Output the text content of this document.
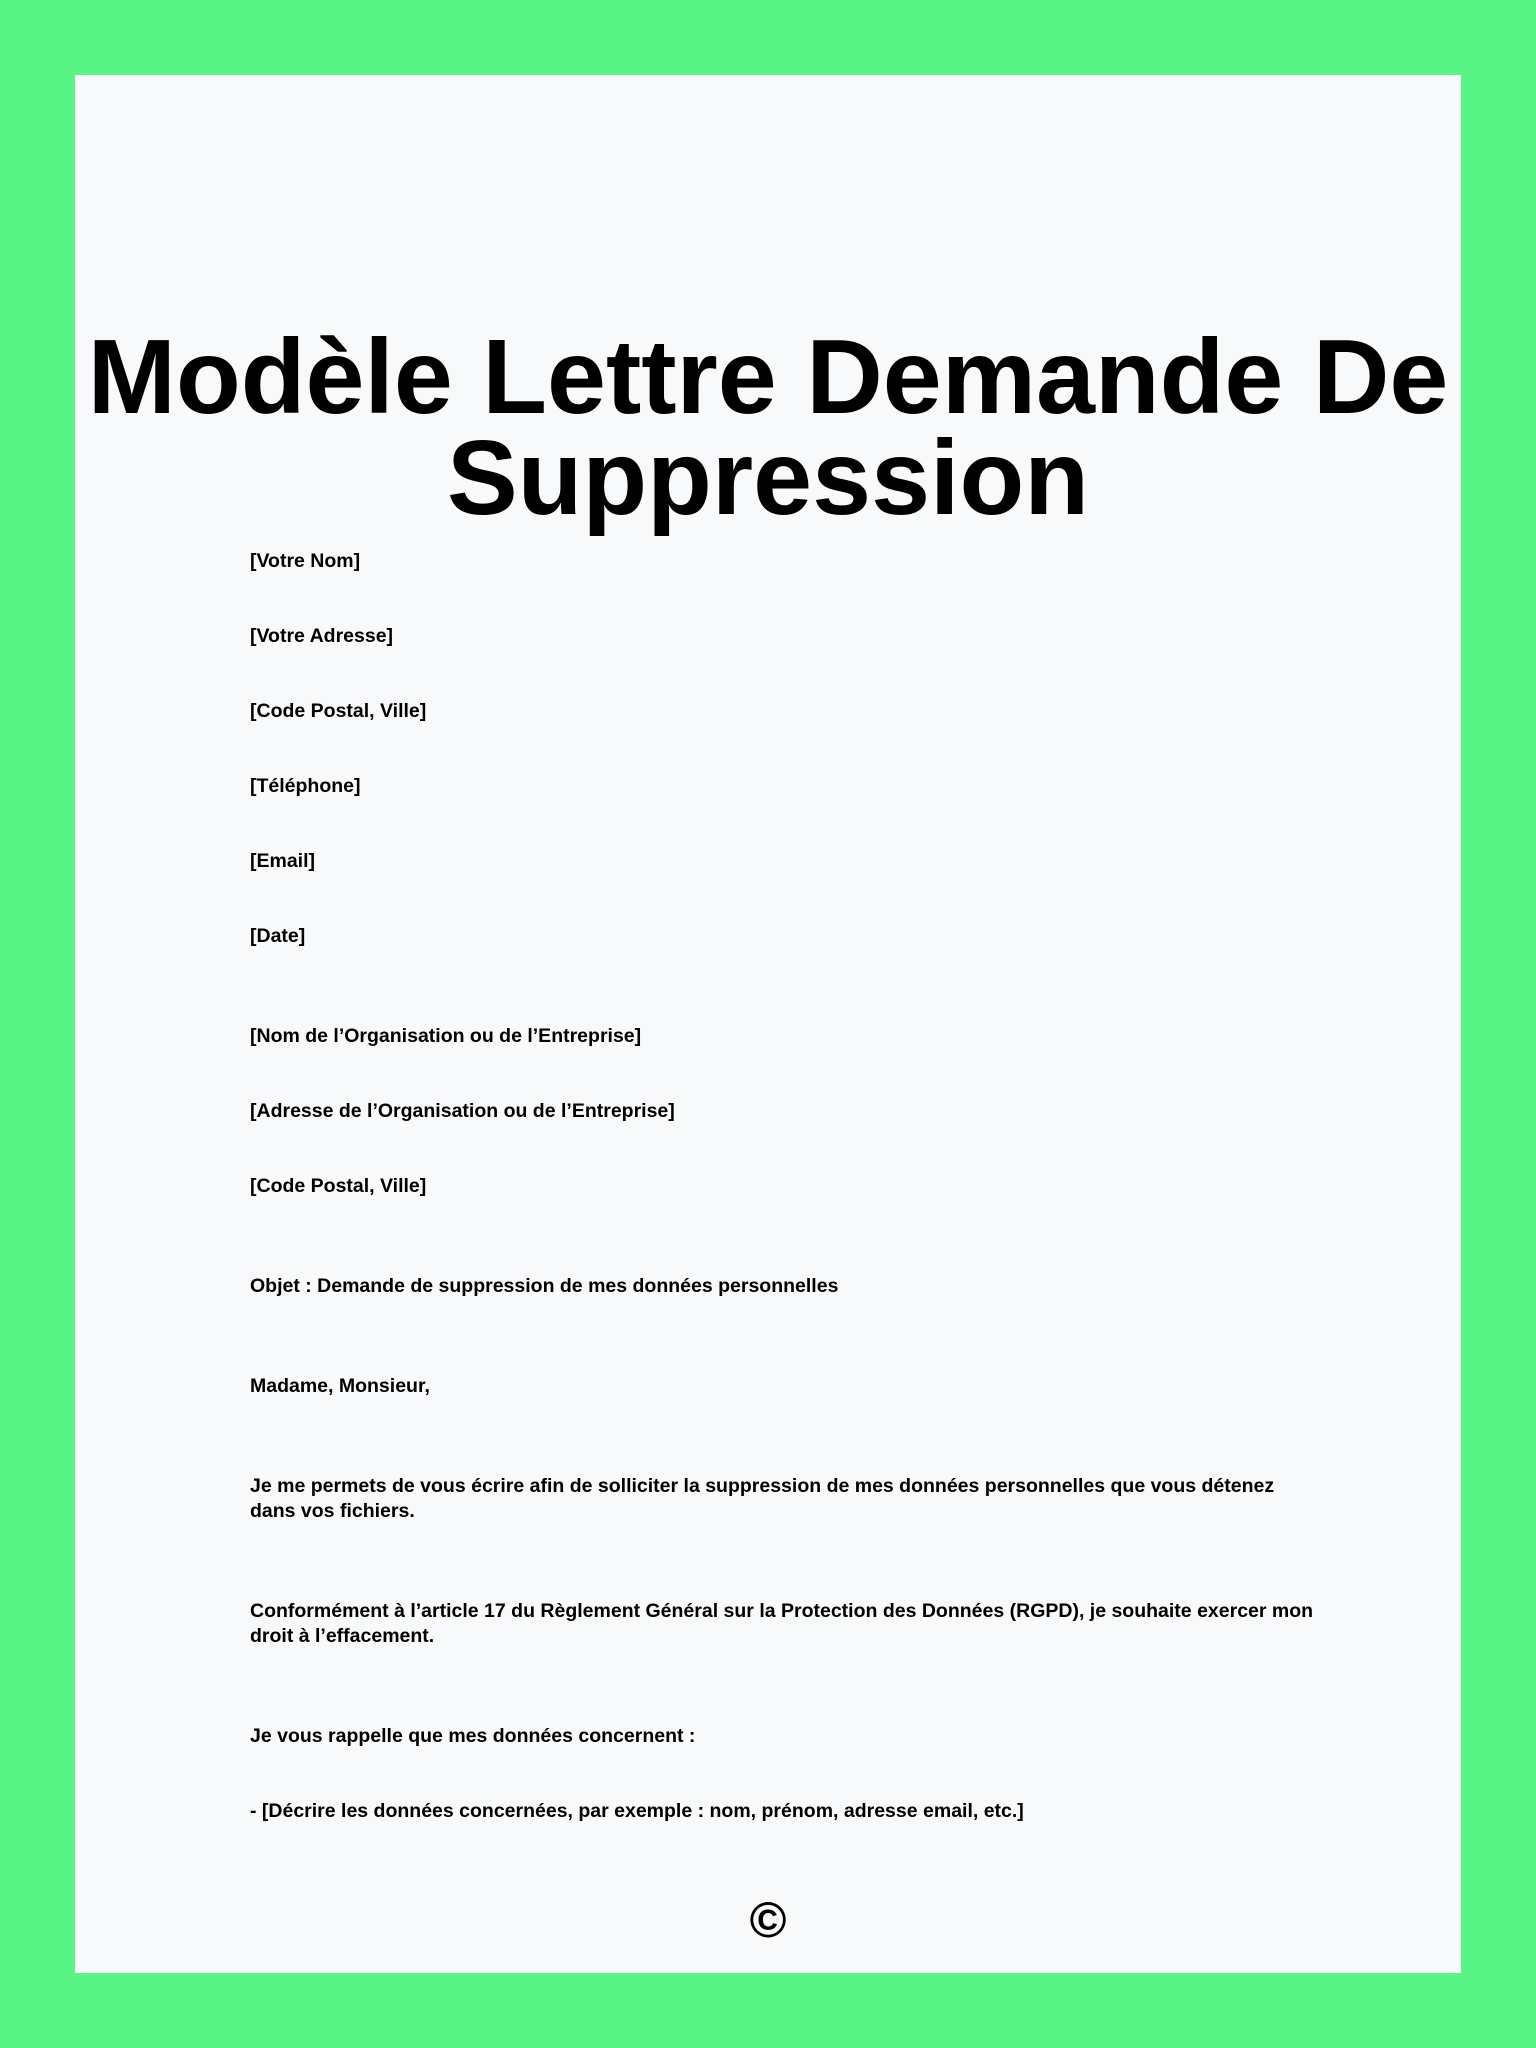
Modèle Lettre Demande De Suppression

[Votre Nom]

[Votre Adresse]

[Code Postal, Ville]

[Téléphone]

[Email]

[Date]

[Nom de l’Organisation ou de l’Entreprise]

[Adresse de l’Organisation ou de l’Entreprise]

[Code Postal, Ville]

Objet : Demande de suppression de mes données personnelles

Madame, Monsieur,

Je me permets de vous écrire afin de solliciter la suppression de mes données personnelles que vous détenez dans vos fichiers.

Conformément à l’article 17 du Règlement Général sur la Protection des Données (RGPD), je souhaite exercer mon droit à l’effacement.

Je vous rappelle que mes données concernent :

- [Décrire les données concernées, par exemple : nom, prénom, adresse email, etc.]

©
